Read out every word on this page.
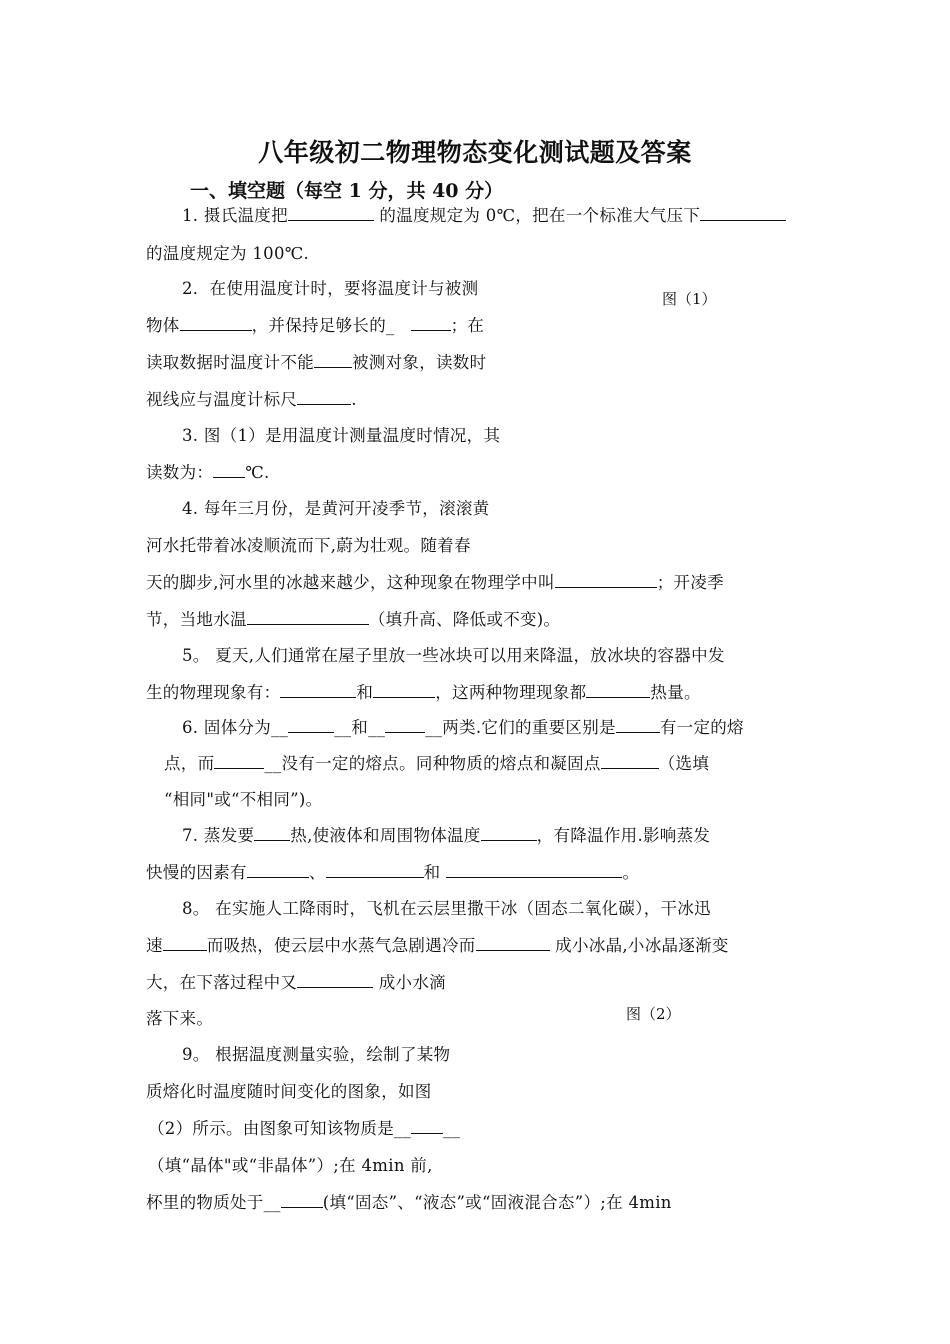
八年级初二物理物态变化测试题及答案
一、填空题（每空 1 分，共 40 分）
1. 摄氏温度把	的温度规定为 0℃，把在一个标准大气压下
的温度规定为 100℃.
2．在使用温度计时，要将温度计与被测
物体	，并保持足够长的_	；在
读取数据时温度计不能 被测对象，读数时
视线应与温度计标尺	.
图（1）
3. 图（1）是用温度计测量温度时情况，其
读数为： ℃.
4. 每年三月份，是黄河开凌季节，滚滚黄
河水托带着冰凌顺流而下,蔚为壮观。随着春
天的脚步,河水里的冰越来越少，这种现象在物理学中叫	；开凌季
节，当地水温	（填升高、降低或不变)。
5。 夏天,人们通常在屋子里放一些冰块可以用来降温，放冰块的容器中发
生的物理现象有：	和	，这两种物理现象都	热量。
6. 固体分为__	__和__ __两类.它们的重要区别是	有一定的熔
点，而	__没有一定的熔点。同种物质的熔点和凝固点	（选填
“相同"或“不相同”)。
7. 蒸发要 热,使液体和周围物体温度	，有降温作用.影响蒸发
快慢的因素有	、	和	。
8。 在实施人工降雨时，飞机在云层里撒干冰（固态二氧化碳），干冰迅
速	而吸热，使云层中水蒸气急剧遇冷而	成小冰晶,小冰晶逐渐变
大，在下落过程中又	成小水滴
落下来。	图（2）
9。 根据温度测量实验，绘制了某物
质熔化时温度随时间变化的图象，如图
（2）所示。由图象可知该物质是__ __
（填“晶体"或“非晶体”）;在 4min 前,
杯里的物质处于__	(填“固态”、“液态”或“固液混合态”）;在 4min
